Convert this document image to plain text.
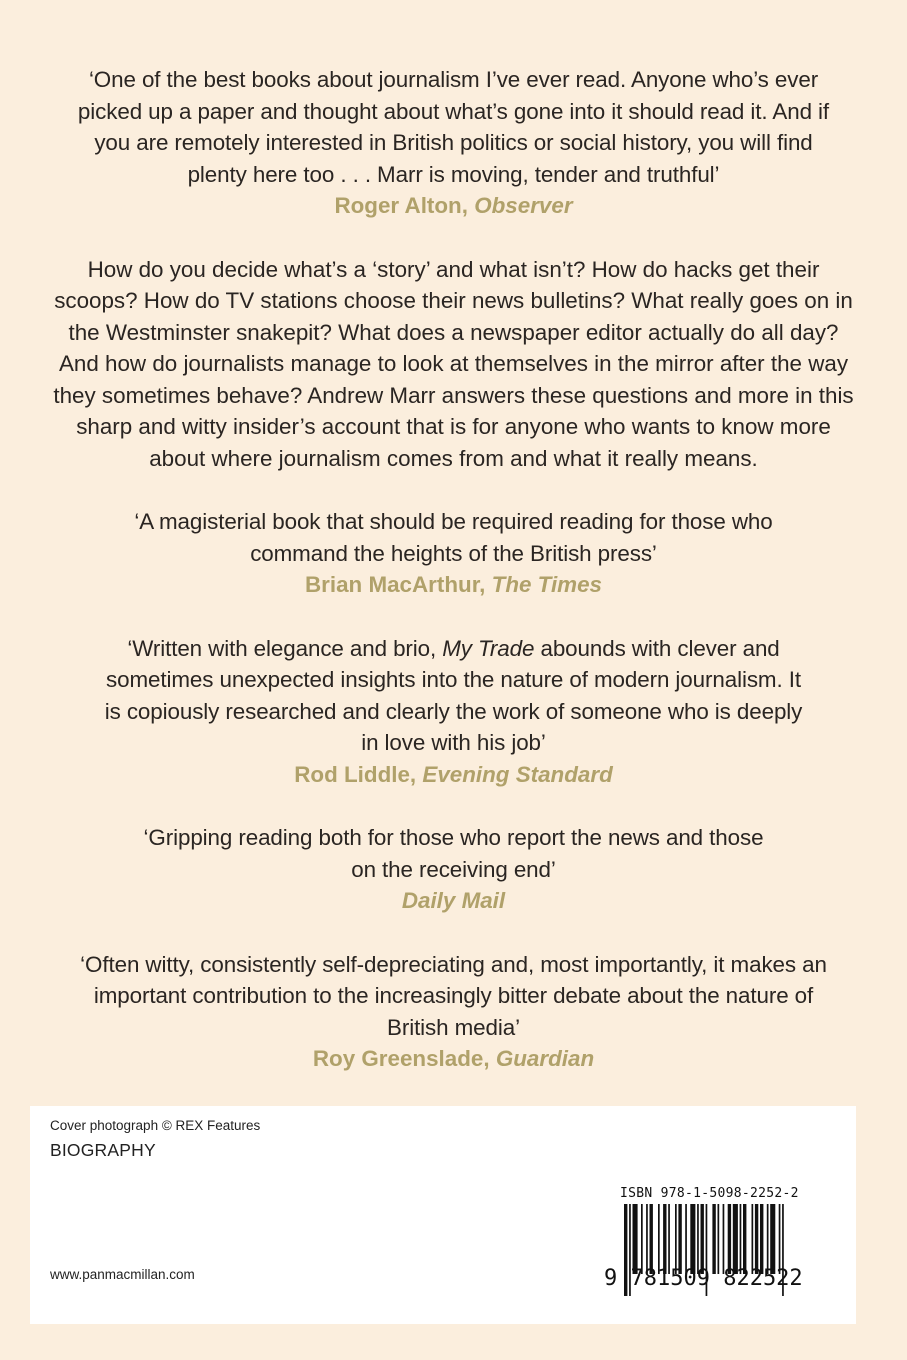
‘One of the best books about journalism I’ve ever read. Anyone who’s ever picked up a paper and thought about what’s gone into it should read it. And if you are remotely interested in British politics or social history, you will find plenty here too . . . Marr is moving, tender and truthful’

Roger Alton, Observer
How do you decide what’s a ‘story’ and what isn’t? How do hacks get their scoops? How do TV stations choose their news bulletins? What really goes on in the Westminster snakepit? What does a newspaper editor actually do all day? And how do journalists manage to look at themselves in the mirror after the way they sometimes behave? Andrew Marr answers these questions and more in this sharp and witty insider’s account that is for anyone who wants to know more about where journalism comes from and what it really means.

‘A magisterial book that should be required reading for those who command the heights of the British press’

Brian MacArthur, The Times

‘Written with elegance and brio, My Trade abounds with clever and sometimes unexpected insights into the nature of modern journalism. It is copiously researched and clearly the work of someone who is deeply in love with his job’

Rod Liddle, Evening Standard

‘Gripping reading both for those who report the news and those on the receiving end’

Daily Mail

‘Often witty, consistently self-depreciating and, most importantly, it makes an important contribution to the increasingly bitter debate about the nature of British media’

Roy Greenslade, Guardian
Cover photograph © REX Features
BIOGRAPHY
www.panmacmillan.com
ISBN 978-1-5098-2252-2
9 781509 822522
